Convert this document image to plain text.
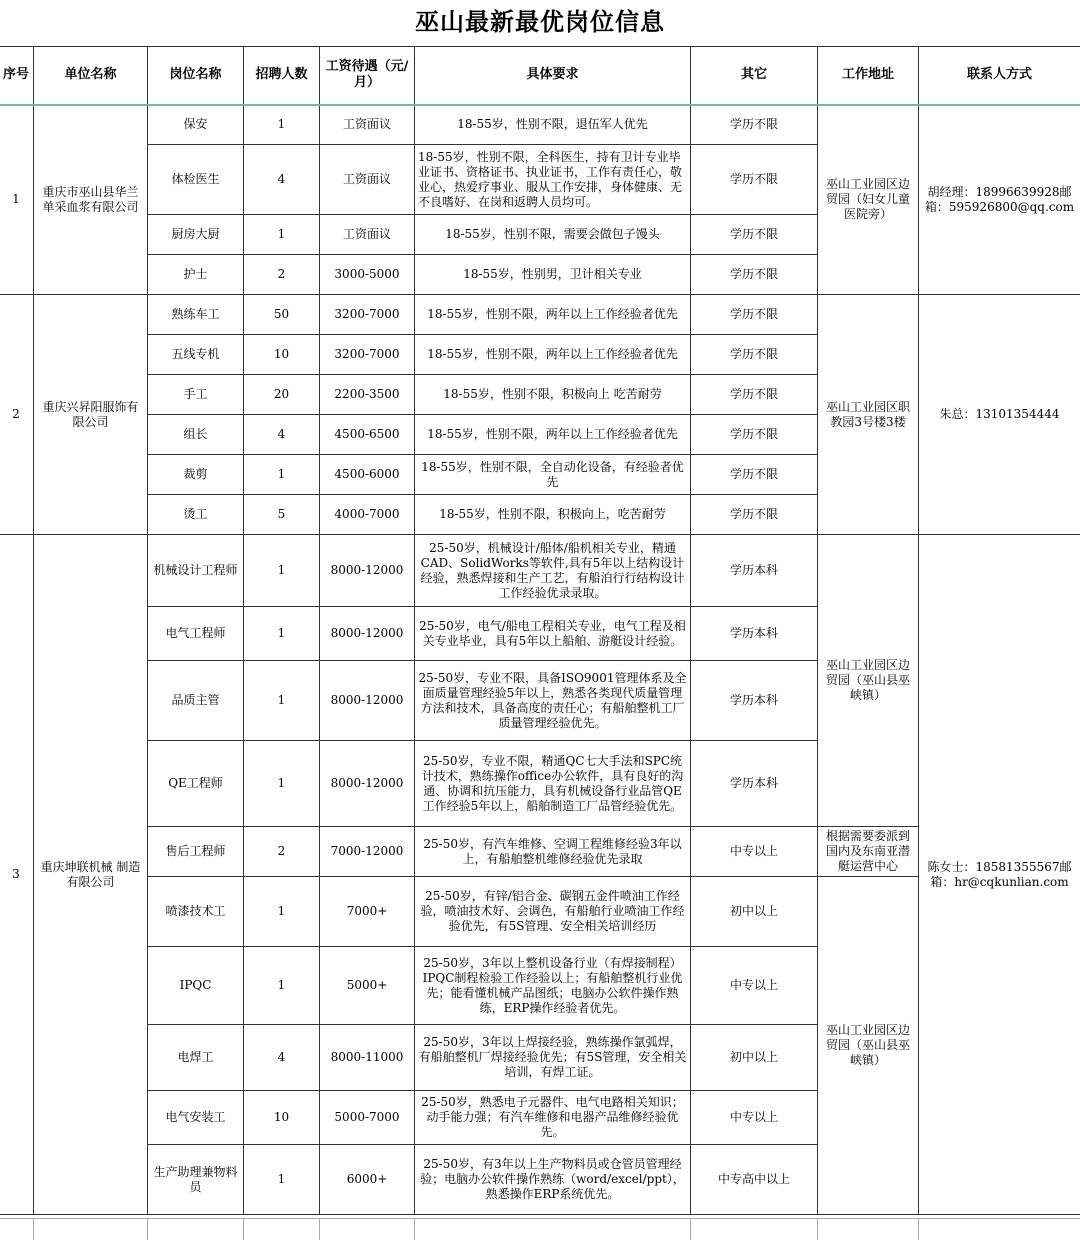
巫山最新最优岗位信息
序号	单位名称	岗位名称	招聘人数	工资待遇（元/月）	具体要求	其它	工作地址	联系人方式
1	重庆市巫山县华兰单采血浆有限公司	保安	1	工资面议	18-55岁，性别不限，退伍军人优先	学历不限	巫山工业园区边贸园（妇女儿童医院旁）	胡经理：18996639928邮箱：595926800@qq.com
		体检医生	4	工资面议	18-55岁，性别不限，全科医生，持有卫计专业毕业证书、资格证书、执业证书，工作有责任心，敬业心，热爱疗事业、服从工作安排，身体健康、无不良嗜好、在岗和返聘人员均可。	学历不限		
		厨房大厨	1	工资面议	18-55岁，性别不限，需要会做包子馒头	学历不限		
		护士	2	3000-5000	18-55岁，性别男，卫计相关专业	学历不限		
2	重庆兴昇阳服饰有限公司	熟练车工	50	3200-7000	18-55岁，性别不限，两年以上工作经验者优先	学历不限	巫山工业园区职教园3号楼3楼	朱总：13101354444
		五线专机	10	3200-7000	18-55岁，性别不限，两年以上工作经验者优先	学历不限		
		手工	20	2200-3500	18-55岁，性别不限，积极向上 吃苦耐劳	学历不限		
		组长	4	4500-6500	18-55岁，性别不限，两年以上工作经验者优先	学历不限		
		裁剪	1	4500-6000	18-55岁，性别不限，全自动化设备，有经验者优先	学历不限		
		烫工	5	4000-7000	18-55岁，性别不限，积极向上，吃苦耐劳	学历不限		
3	重庆坤联机械 制造有限公司	机械设计工程师	1	8000-12000	25-50岁，机械设计/船体/船机相关专业，精通CAD、SolidWorks等软件,具有5年以上结构设计经验，熟悉焊接和生产工艺，有船泊行行结构设计工作经验优录录取。	学历本科	巫山工业园区边贸园（巫山县巫峡镇）	陈女士：18581355567邮箱：hr@cqkunlian.com
		电气工程师	1	8000-12000	25-50岁，电气/船电工程相关专业，电气工程及相关专业毕业，具有5年以上船舶、游艇设计经验。	学历本科		
		品质主管	1	8000-12000	25-50岁，专业不限，具备ISO9001管理体系及全面质量管理经验5年以上，熟悉各类现代质量管理方法和技术，具备高度的责任心；有船舶整机工厂质量管理经验优先。	学历本科		
		QE工程师	1	8000-12000	25-50岁，专业不限，精通QC七大手法和SPC统计技术，熟练操作office办公软件，具有良好的沟通、协调和抗压能力，具有机械设备行业品管QE工作经验5年以上，船舶制造工厂品管经验优先。	学历本科		
		售后工程师	2	7000-12000	25-50岁，有汽车维修、空调工程维修经验3年以上，有船舶整机维修经验优先录取	中专以上	根据需要委派到国内及东南亚潜艇运营中心	
		喷漆技术工	1	7000+	25-50岁，有锌/铝合金、碳钢五金件喷油工作经验，喷油技术好、会调色，有船舶行业喷油工作经验优先，有5S管理、安全相关培训经历	初中以上	巫山工业园区边贸园（巫山县巫峡镇）	
		IPQC	1	5000+	25-50岁，3年以上整机设备行业（有焊接制程）IPQC制程检验工作经验以上；有船舶整机行业优先；能看懂机械产品图纸；电脑办公软件操作熟练，ERP操作经验者优先。	中专以上		
		电焊工	4	8000-11000	25-50岁，3年以上焊接经验，熟练操作氩弧焊，有船舶整机厂焊接经验优先；有5S管理，安全相关培训，有焊工证。	初中以上		
		电气安装工	10	5000-7000	25-50岁，熟悉电子元器件、电气电路相关知识；动手能力强；有汽车维修和电器产品维修经验优先。	中专以上		
		生产助理兼物料员	1	6000+	25-50岁，有3年以上生产物料员或仓管员管理经验；电脑办公软件操作熟练（word/excel/ppt），熟悉操作ERP系统优先。	中专高中以上		
